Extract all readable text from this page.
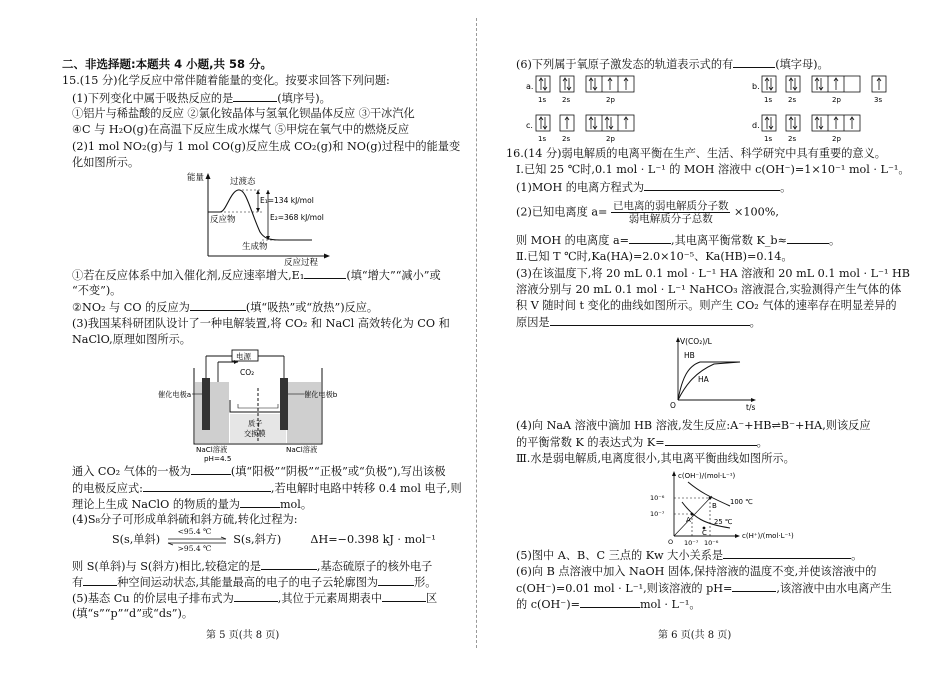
二、非选择题:本题共 4 小题,共 58 分。
15.(15 分)化学反应中常伴随着能量的变化。按要求回答下列问题:
(1)下列变化中属于吸热反应的是	(填序号)。
①铝片与稀盐酸的反应 ②氯化铵晶体与氢氧化钡晶体反应 ③干冰汽化
④C 与 H₂O(g)在高温下反应生成水煤气 ⑤甲烷在氧气中的燃烧反应
(2)1 mol NO₂(g)与 1 mol CO(g)反应生成 CO₂(g)和 NO(g)过程中的能量变
化如图所示。
能量
反应过程
过渡态
反应物
生成物
E₁=134 kJ/mol
E₂=368 kJ/mol
①若在反应体系中加入催化剂,反应速率增大,E₁	(填“增大”“减小”或
“不变”)。
②NO₂ 与 CO 的反应为	(填“吸热”或“放热”)反应。
(3)我国某科研团队设计了一种电解装置,将 CO₂ 和 NaCl 高效转化为 CO 和
NaClO,原理如图所示。
电源
CO₂
催化电极a	催化电极b
质子
交换膜
NaCl溶液
pH=4.5
NaCl溶液
通入 CO₂ 气体的一极为	(填“阳极”“阴极”“正极”或“负极”),写出该极
的电极反应式:	,若电解时电路中转移 0.4 mol 电子,则
理论上生成 NaClO 的物质的量为	mol。
(4)S₈分子可形成单斜硫和斜方硫,转化过程为:
S(s,单斜)
<95.4 ℃
>95.4 ℃
S(s,斜方)	ΔH=−0.398 kJ · mol⁻¹
则 S(单斜)与 S(斜方)相比,较稳定的是	,基态硫原子的核外电子
有	种空间运动状态,其能量最高的电子的电子云轮廓图为	形。
(5)基态 Cu 的价层电子排布式为	,其位于元素周期表中	区
(填“s”“p”“d”或“ds”)。
第 5 页(共 8 页)
(6)下列属于氧原子激发态的轨道表示式的有	(填字母)。
a.
1s 2s	2p
b.
1s 2s	2p	3s
c.
1s 2s	2p
d.
1s 2s	2p
16.(14 分)弱电解质的电离平衡在生产、生活、科学研究中具有重要的意义。
Ⅰ.已知 25 ℃时,0.1 mol · L⁻¹ 的 MOH 溶液中 c(OH⁻)=1×10⁻¹ mol · L⁻¹。
(1)MOH 的电离方程式为	。
(2)已知电离度 $a= \frac{\text{已电离的弱电解质分子数}}{\text{弱电解质分子总数}} \times 100\%$,
则 MOH 的电离度 a=	,其电离平衡常数 K_b≈	。
Ⅱ.已知 T ℃时,Ka(HA)=2.0×10⁻⁵、Ka(HB)=0.14。
(3)在该温度下,将 20 mL 0.1 mol · L⁻¹ HA 溶液和 20 mL 0.1 mol · L⁻¹ HB
溶液分别与 20 mL 0.1 mol · L⁻¹ NaHCO₃ 溶液混合,实验测得产生气体的体
积 V 随时间 t 变化的曲线如图所示。则产生 CO₂ 气体的速率存在明显差异的
原因是	。
V(CO₂)/L
t/s
O
HB
HA
(4)向 NaA 溶液中滴加 HB 溶液,发生反应:A⁻+HB⇌B⁻+HA,则该反应
的平衡常数 K 的表达式为 K=	。
Ⅲ.水是弱电解质,电离度很小,其电离平衡曲线如图所示。
c(OH⁻)/(mol·L⁻¹)
c(H⁺)/(mol·L⁻¹)
10⁻⁶
10⁻⁷
10⁻⁷ 10⁻⁶
O
A
B
C
100 ℃
25 ℃
(5)图中 A、B、C 三点的 Kw 大小关系是	。
(6)向 B 点溶液中加入 NaOH 固体,保持溶液的温度不变,并使该溶液中的
c(OH⁻)=0.01 mol · L⁻¹,则该溶液的 pH=	,该溶液中由水电离产生
的 c(OH⁻)=	mol · L⁻¹。
第 6 页(共 8 页)
